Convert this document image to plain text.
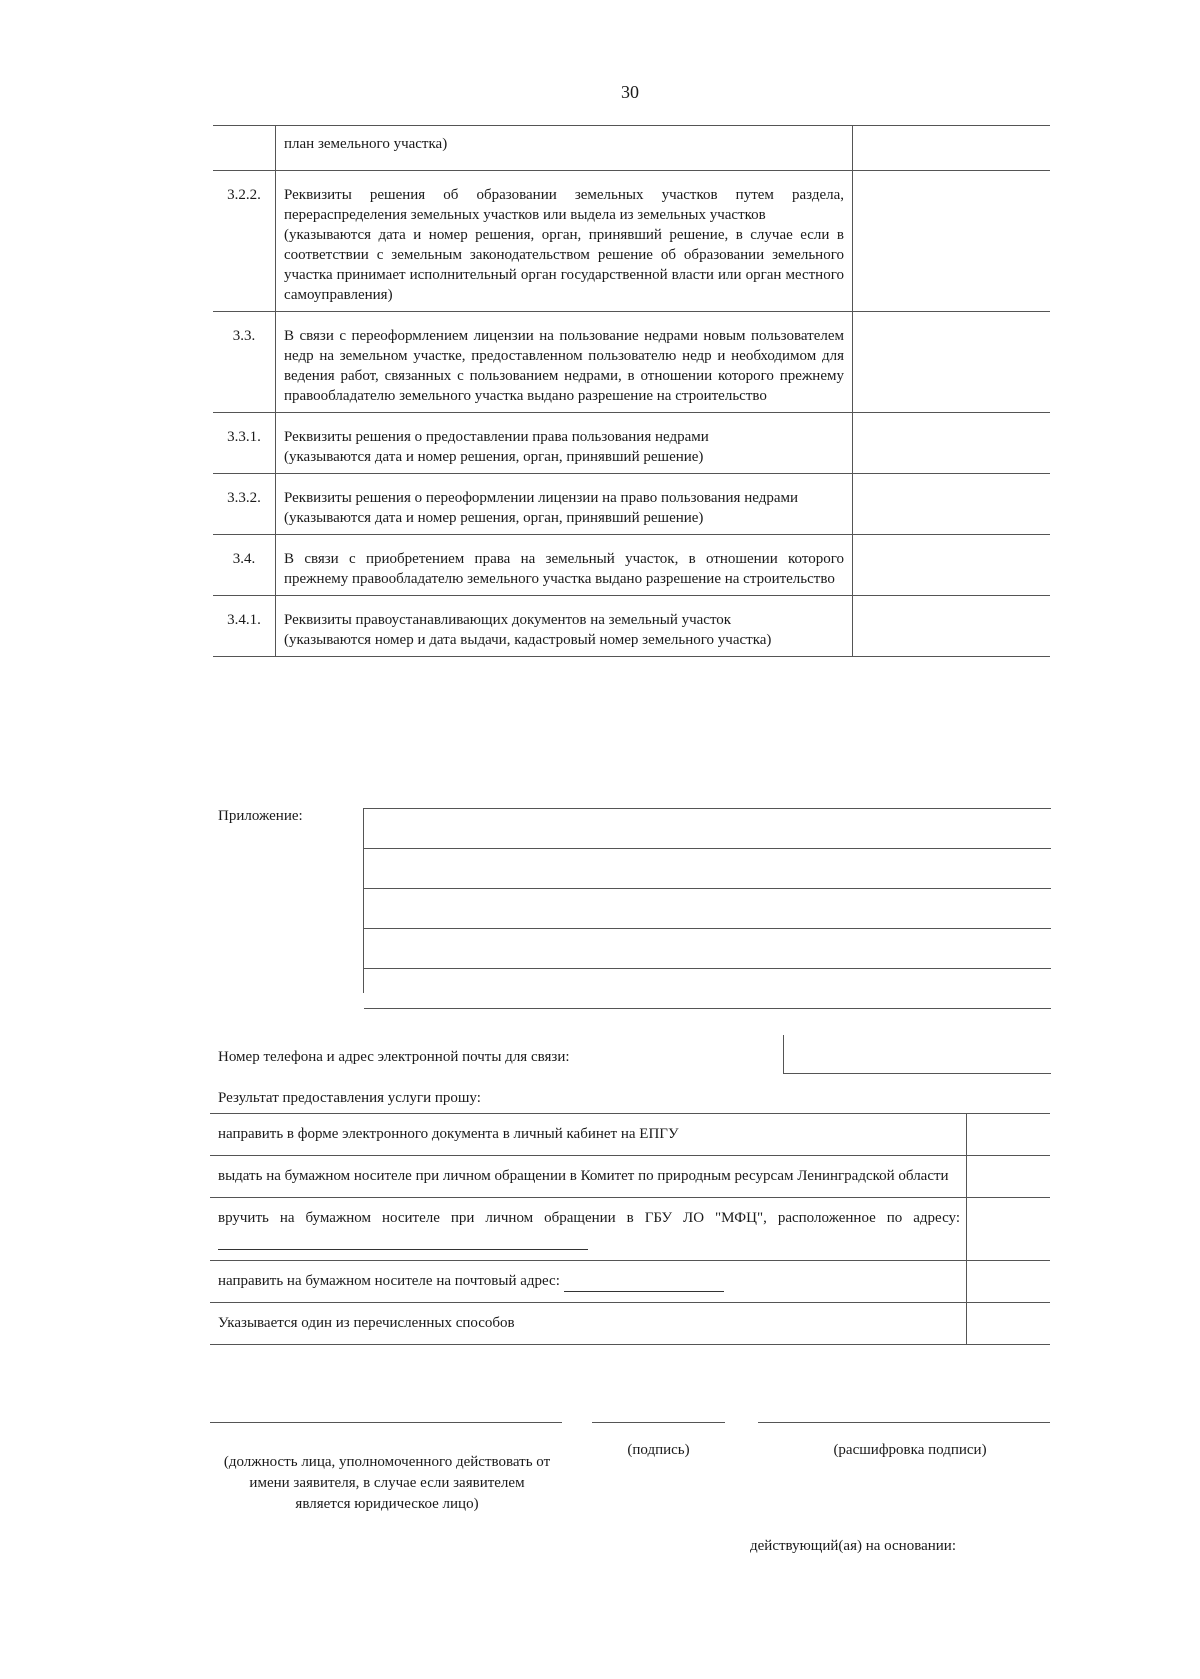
30
	план земельного участка)	
3.2.2.	Реквизиты решения об образовании земельных участков путем раздела, перераспределения земельных участков или выдела из земельных участков
(указываются дата и номер решения, орган, принявший решение, в случае если в соответствии с земельным законодательством решение об образовании земельного участка принимает исполнительный орган государственной власти или орган местного самоуправления)	
3.3.	В связи с переоформлением лицензии на пользование недрами новым пользователем недр на земельном участке, предоставленном пользователю недр и необходимом для ведения работ, связанных с пользованием недрами, в отношении которого прежнему правообладателю земельного участка выдано разрешение на строительство	
3.3.1.	Реквизиты решения о предоставлении права пользования недрами
(указываются дата и номер решения, орган, принявший решение)	
3.3.2.	Реквизиты решения о переоформлении лицензии на право пользования недрами
(указываются дата и номер решения, орган, принявший решение)	
3.4.	В связи с приобретением права на земельный участок, в отношении которого прежнему правообладателю земельного участка выдано разрешение на строительство	
3.4.1.	Реквизиты правоустанавливающих документов на земельный участок
(указываются номер и дата выдачи, кадастровый номер земельного участка)	
Приложение:
Номер телефона и адрес электронной почты для связи:
Результат предоставления услуги прошу:
направить в форме электронного документа в личный кабинет на ЕПГУ	
выдать на бумажном носителе при личном обращении в Комитет по природным ресурсам Ленинградской области	
вручить на бумажном носителе при личном обращении в ГБУ ЛО "МФЦ", расположенное по адресу:	
направить на бумажном носителе на почтовый адрес:	
Указывается один из перечисленных способов	
(должность лица, уполномоченного действовать от имени заявителя, в случае если заявителем является юридическое лицо)
(подпись)	(расшифровка подписи)
действующий(ая) на основании:
